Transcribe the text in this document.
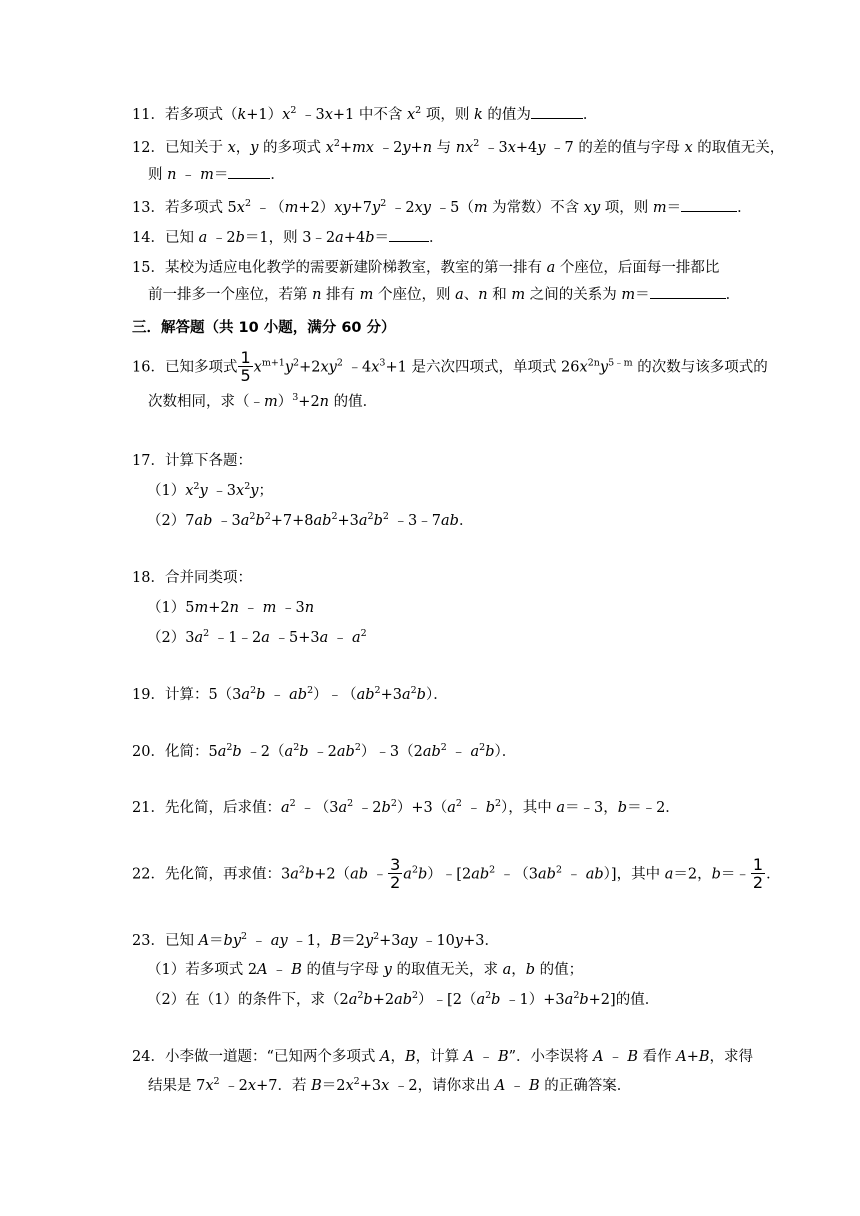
11．若多项式$(k+1)x^2$ ﹣3x+1 中不含 $x^2$ 项，则 k 的值为	．
12．已知关于 x，y 的多项式 $x^2+mx$ ﹣2y+n 与 $nx^2$ ﹣3x+4y ﹣7 的差的值与字母 x 的取值无关，
则 n ﹣ m＝	．
13．若多项式 $5x^2$ $﹣(m+2)xy+7y^2$ ﹣2xy ﹣5（m 为常数）不含 xy 项，则 m＝	．
14．已知 a ﹣2b＝1，则 3﹣2a+4b＝	．
15．某校为适应电化教学的需要新建阶梯教室，教室的第一排有 a 个座位，后面每一排都比
前一排多一个座位，若第 n 排有 m 个座位，则 a、n 和 m 之间的关系为 m＝	．
三．解答题（共 10 小题，满分 60 分）
16．已知多项式 $\frac{1}{5} x^{m+1}y^2+2xy^2$ $﹣4x^3+1$ 是六次四项式，单项式 $26x^{2n}y^{5﹣m}$ 的次数与该多项式的
次数相同，求（﹣m）$^3$+2n 的值．
17．计算下各题：
$(1)x^2y$ $﹣3x^2y$；
（2）7ab $﹣3a^2b^2+7+8ab^2+3a^2b^2$ ﹣3﹣7ab．
18．合并同类项：
（1）5m+2n ﹣ m ﹣3n
$(2)3a^2$ ﹣1﹣2a ﹣5+3a ﹣ $a^2$
19．计算：$5(3a^2b$ ﹣ $ab^2)﹣(ab^2+3a^2b)$．
20．化简：$5a^2b$ $﹣2(a^2b$ $﹣2ab^2)﹣3(2ab^2$ ﹣ $a^2b$）．
21．先化简，后求值：$a^2$ $﹣(3a^2$ $﹣2b^2)+3(a^2$ ﹣ $b^2$），其中 a＝﹣3，b＝﹣2．
22．先化简，再求值：$3a^2b+2(ab$ ﹣ $\frac{3}{2}$ $a^2b)﹣[2ab^2$ $﹣(3ab^2$ ﹣ ab）]，其中 a＝2，b＝﹣ $\frac{1}{2}$ ．
23．已知 $A=by^2$ ﹣ ay ﹣1，$B=2y^2+3ay$ ﹣10y+3．
（1）若多项式 2A ﹣ B 的值与字母 y 的取值无关，求 a，b 的值；
（2）在（1）的条件下，求$(2a^2b+2ab^2)﹣[2(a^2b$ $﹣1)+3a^2b+2$]的值．
24．小李做一道题：“已知两个多项式 A，B，计算 A ﹣ B”．小李误将 A ﹣ B 看作 A+B，求得
结果是 $7x^2$ ﹣2x+7．若 $B=2x^2+3x$ ﹣2，请你求出 A ﹣ B 的正确答案．
